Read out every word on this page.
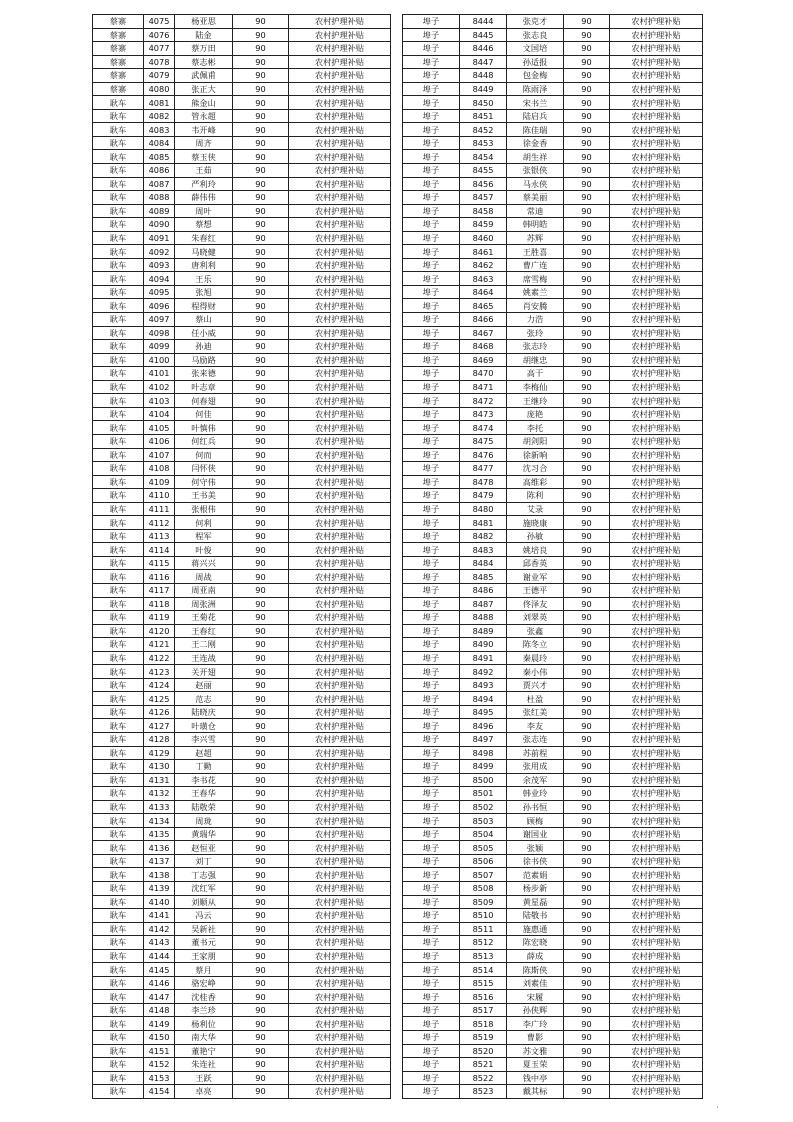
蔡寨	4075	杨亚思	90	农村护理补贴
蔡寨	4076	陆金	90	农村护理补贴
蔡寨	4077	蔡万田	90	农村护理补贴
蔡寨	4078	蔡志彬	90	农村护理补贴
蔡寨	4079	武佩甫	90	农村护理补贴
蔡寨	4080	张正大	90	农村护理补贴
耿车	4081	熊金山	90	农村护理补贴
耿车	4082	管永超	90	农村护理补贴
耿车	4083	韦开峰	90	农村护理补贴
耿车	4084	周齐	90	农村护理补贴
耿车	4085	蔡玉侠	90	农村护理补贴
耿车	4086	王茹	90	农村护理补贴
耿车	4087	严利玲	90	农村护理补贴
耿车	4088	薛伟伟	90	农村护理补贴
耿车	4089	周叶	90	农村护理补贴
耿车	4090	蔡想	90	农村护理补贴
耿车	4091	朱春红	90	农村护理补贴
耿车	4092	马晓健	90	农村护理补贴
耿车	4093	唐利利	90	农村护理补贴
耿车	4094	王乐	90	农村护理补贴
耿车	4095	张旭	90	农村护理补贴
耿车	4096	程得财	90	农村护理补贴
耿车	4097	蔡山	90	农村护理补贴
耿车	4098	任小威	90	农村护理补贴
耿车	4099	孙迪	90	农村护理补贴
耿车	4100	马励路	90	农村护理补贴
耿车	4101	张来德	90	农村护理补贴
耿车	4102	叶志章	90	农村护理补贴
耿车	4103	何春翅	90	农村护理补贴
耿车	4104	何佳	90	农村护理补贴
耿车	4105	叶慎伟	90	农村护理补贴
耿车	4106	何红兵	90	农村护理补贴
耿车	4107	何而	90	农村护理补贴
耿车	4108	闫怀侠	90	农村护理补贴
耿车	4109	何守伟	90	农村护理补贴
耿车	4110	王书美	90	农村护理补贴
耿车	4111	张根伟	90	农村护理补贴
耿车	4112	何利	90	农村护理补贴
耿车	4113	程军	90	农村护理补贴
耿车	4114	叶俊	90	农村护理补贴
耿车	4115	蒋兴兴	90	农村护理补贴
耿车	4116	周战	90	农村护理补贴
耿车	4117	周亚南	90	农村护理补贴
耿车	4118	周张洲	90	农村护理补贴
耿车	4119	王菊花	90	农村护理补贴
耿车	4120	王春红	90	农村护理补贴
耿车	4121	王二刚	90	农村护理补贴
耿车	4122	王连战	90	农村护理补贴
耿车	4123	关开翅	90	农村护理补贴
耿车	4124	赵丽	90	农村护理补贴
耿车	4125	范志	90	农村护理补贴
耿车	4126	陆晓庆	90	农村护理补贴
耿车	4127	叶璜仓	90	农村护理补贴
耿车	4128	李兴雪	90	农村护理补贴
耿车	4129	赵超	90	农村护理补贴
耿车	4130	丁勤	90	农村护理补贴
耿车	4131	李书花	90	农村护理补贴
耿车	4132	王春华	90	农村护理补贴
耿车	4133	陆敬荣	90	农村护理补贴
耿车	4134	周珑	90	农村护理补贴
耿车	4135	黄瑞华	90	农村护理补贴
耿车	4136	赵恒亚	90	农村护理补贴
耿车	4137	刘丁	90	农村护理补贴
耿车	4138	丁志强	90	农村护理补贴
耿车	4139	沈红军	90	农村护理补贴
耿车	4140	刘顺从	90	农村护理补贴
耿车	4141	冯云	90	农村护理补贴
耿车	4142	吴新社	90	农村护理补贴
耿车	4143	董书元	90	农村护理补贴
耿车	4144	王家朋	90	农村护理补贴
耿车	4145	蔡月	90	农村护理补贴
耿车	4146	骆宏峥	90	农村护理补贴
耿车	4147	沈桂香	90	农村护理补贴
耿车	4148	李兰珍	90	农村护理补贴
耿车	4149	杨利位	90	农村护理补贴
耿车	4150	南大华	90	农村护理补贴
耿车	4151	董艳宁	90	农村护理补贴
耿车	4152	朱连社	90	农村护理补贴
耿车	4153	王跃	90	农村护理补贴
耿车	4154	卓亮	90	农村护理补贴
埠子	8444	张克才	90	农村护理补贴
埠子	8445	张志良	90	农村护理补贴
埠子	8446	文国培	90	农村护理补贴
埠子	8447	孙适报	90	农村护理补贴
埠子	8448	包金梅	90	农村护理补贴
埠子	8449	陈雨泽	90	农村护理补贴
埠子	8450	宋书兰	90	农村护理补贴
埠子	8451	陆启兵	90	农村护理补贴
埠子	8452	陈佳瑞	90	农村护理补贴
埠子	8453	徐金香	90	农村护理补贴
埠子	8454	胡生祥	90	农村护理补贴
埠子	8455	张银侠	90	农村护理补贴
埠子	8456	马永侠	90	农村护理补贴
埠子	8457	蔡美丽	90	农村护理补贴
埠子	8458	常迪	90	农村护理补贴
埠子	8459	韩明皓	90	农村护理补贴
埠子	8460	苏辉	90	农村护理补贴
埠子	8461	王胜喜	90	农村护理补贴
埠子	8462	曹广连	90	农村护理补贴
埠子	8463	席雪梅	90	农村护理补贴
埠子	8464	姚素兰	90	农村护理补贴
埠子	8465	肖安腾	90	农村护理补贴
埠子	8466	力浩	90	农村护理补贴
埠子	8467	张玲	90	农村护理补贴
埠子	8468	张志玲	90	农村护理补贴
埠子	8469	胡继忠	90	农村护理补贴
埠子	8470	高干	90	农村护理补贴
埠子	8471	李梅仙	90	农村护理补贴
埠子	8472	王继玲	90	农村护理补贴
埠子	8473	庞艳	90	农村护理补贴
埠子	8474	李托	90	农村护理补贴
埠子	8475	胡剑阳	90	农村护理补贴
埠子	8476	徐新响	90	农村护理补贴
埠子	8477	沈习合	90	农村护理补贴
埠子	8478	高维彩	90	农村护理补贴
埠子	8479	陈利	90	农村护理补贴
埠子	8480	艾录	90	农村护理补贴
埠子	8481	施晓康	90	农村护理补贴
埠子	8482	孙敏	90	农村护理补贴
埠子	8483	姚培良	90	农村护理补贴
埠子	8484	邱香英	90	农村护理补贴
埠子	8485	谢业军	90	农村护理补贴
埠子	8486	王德平	90	农村护理补贴
埠子	8487	佟泽友	90	农村护理补贴
埠子	8488	刘翠英	90	农村护理补贴
埠子	8489	张鑫	90	农村护理补贴
埠子	8490	陈冬立	90	农村护理补贴
埠子	8491	秦晨玲	90	农村护理补贴
埠子	8492	秦小伟	90	农村护理补贴
埠子	8493	贾兴才	90	农村护理补贴
埠子	8494	杜盈	90	农村护理补贴
埠子	8495	张红美	90	农村护理补贴
埠子	8496	李友	90	农村护理补贴
埠子	8497	张志连	90	农村护理补贴
埠子	8498	苏前程	90	农村护理补贴
埠子	8499	张用成	90	农村护理补贴
埠子	8500	余茂军	90	农村护理补贴
埠子	8501	韩业玲	90	农村护理补贴
埠子	8502	孙书恒	90	农村护理补贴
埠子	8503	顾梅	90	农村护理补贴
埠子	8504	谢国业	90	农村护理补贴
埠子	8505	张颖	90	农村护理补贴
埠子	8506	徐书侠	90	农村护理补贴
埠子	8507	范素娟	90	农村护理补贴
埠子	8508	杨步新	90	农村护理补贴
埠子	8509	黄星磊	90	农村护理补贴
埠子	8510	陆敬书	90	农村护理补贴
埠子	8511	施惠通	90	农村护理补贴
埠子	8512	陈宏晓	90	农村护理补贴
埠子	8513	薛成	90	农村护理补贴
埠子	8514	陈斯侠	90	农村护理补贴
埠子	8515	刘素佳	90	农村护理补贴
埠子	8516	宋履	90	农村护理补贴
埠子	8517	孙侠辉	90	农村护理补贴
埠子	8518	李广玲	90	农村护理补贴
埠子	8519	曹影	90	农村护理补贴
埠子	8520	苏文雅	90	农村护理补贴
埠子	8521	夏玉荣	90	农村护理补贴
埠子	8522	钱中亭	90	农村护理补贴
埠子	8523	戴其标	90	农村护理补贴
·
